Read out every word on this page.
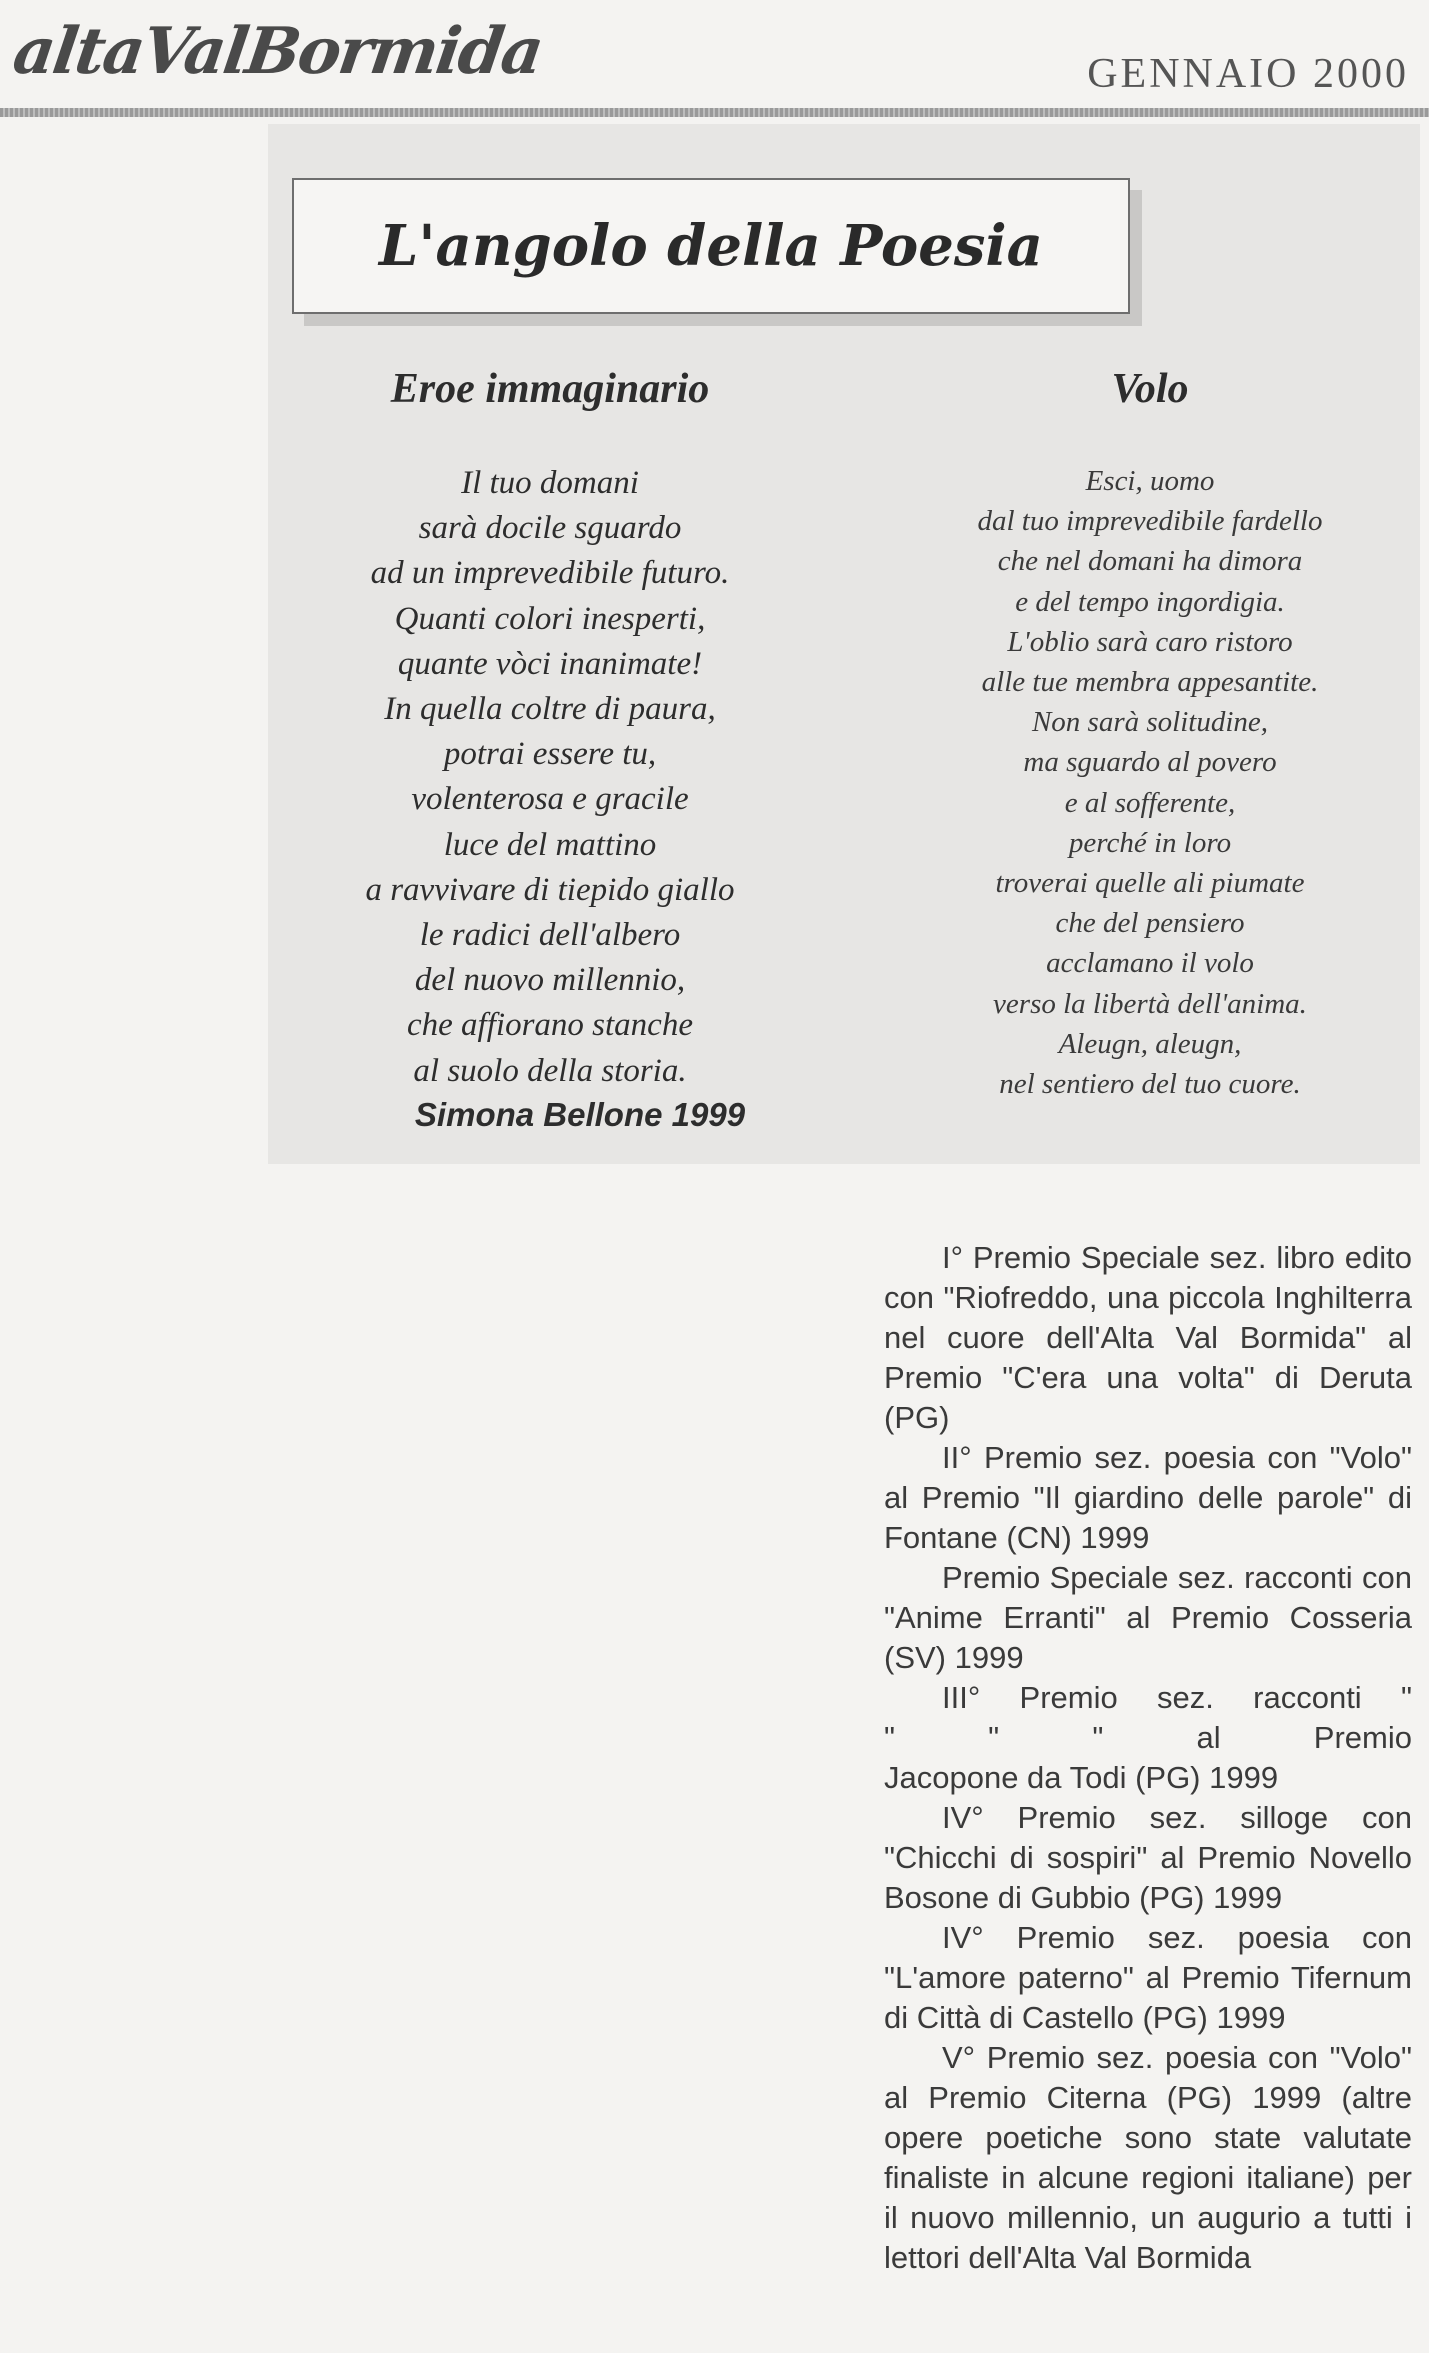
altaValBormida	GENNAIO 2000
L'angolo della Poesia
Eroe immaginario
Il tuo domani
sarà docile sguardo
ad un imprevedibile futuro.
Quanti colori inesperti,
quante vòci inanimate!
In quella coltre di paura,
potrai essere tu,
volenterosa e gracile
luce del mattino
a ravvivare di tiepido giallo
le radici dell'albero
del nuovo millennio,
che affiorano stanche
al suolo della storia.
Simona Bellone 1999
Volo
Esci, uomo
dal tuo imprevedibile fardello
che nel domani ha dimora
e del tempo ingordigia.
L'oblio sarà caro ristoro
alle tue membra appesantite.
Non sarà solitudine,
ma sguardo al povero
e al sofferente,
perché in loro
troverai quelle ali piumate
che del pensiero
acclamano il volo
verso la libertà dell'anima.
Aleugn, aleugn,
nel sentiero del tuo cuore.

I° Premio Speciale sez. libro edito con "Riofreddo, una piccola Inghilterra nel cuore dell'Alta Val Bormida" al Premio "C'era una volta" di Deruta (PG)

II° Premio sez. poesia con "Volo" al Premio "Il giardino delle parole" di Fontane (CN) 1999

Premio Speciale sez. racconti con "Anime Erranti" al Premio Cosseria (SV) 1999

III° Premio sez. racconti "

" " " al Premio

Jacopone da Todi (PG) 1999

IV° Premio sez. silloge con "Chicchi di sospiri" al Premio Novello Bosone di Gubbio (PG) 1999

IV° Premio sez. poesia con "L'amore paterno" al Premio Tifernum di Città di Castello (PG) 1999

V° Premio sez. poesia con "Volo" al Premio Citerna (PG) 1999 (altre opere poetiche sono state valutate finaliste in alcune regioni italiane) per il nuovo millennio, un augurio a tutti i lettori dell'Alta Val Bormida
